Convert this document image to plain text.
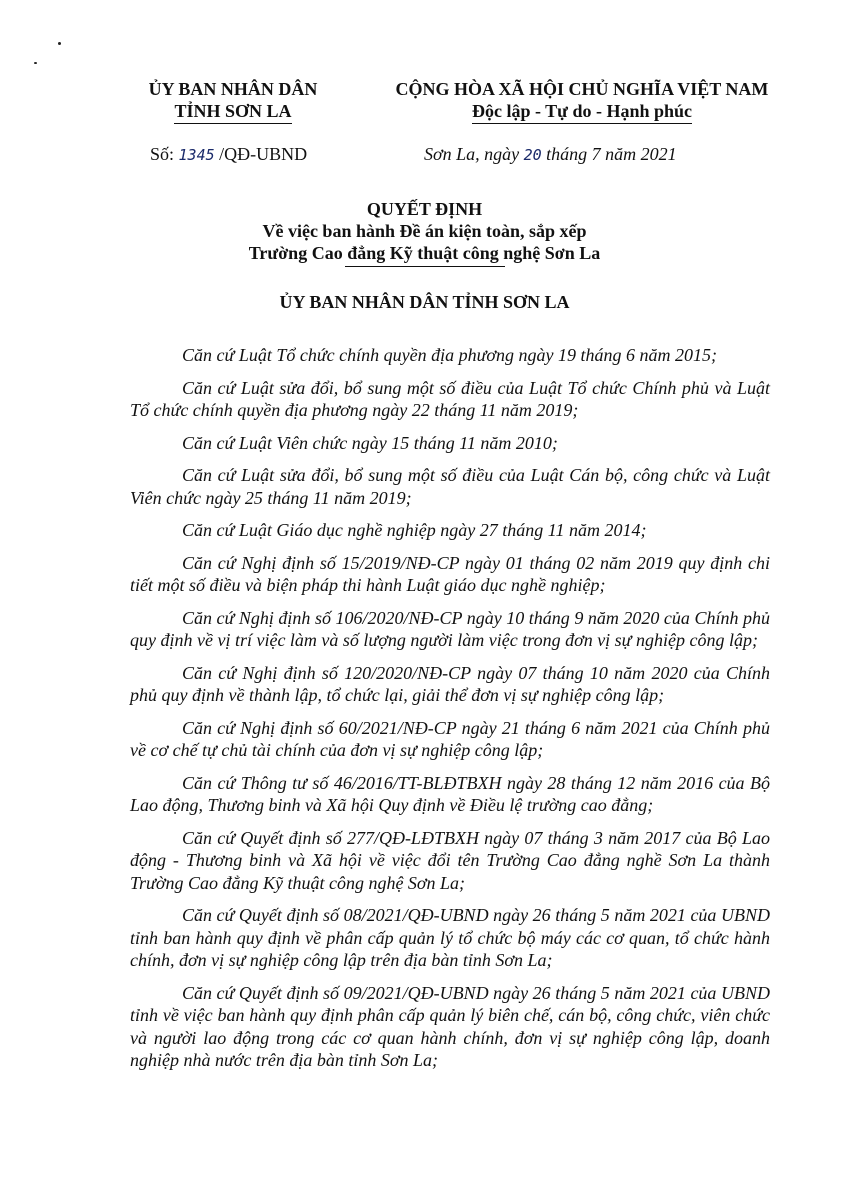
ỦY BAN NHÂN DÂN
TỈNH SƠN LA
CỘNG HÒA XÃ HỘI CHỦ NGHĨA VIỆT NAM
Độc lập - Tự do - Hạnh phúc
Số: 1345 /QĐ-UBND	Sơn La, ngày 20 tháng 7 năm 2021
QUYẾT ĐỊNH
Về việc ban hành Đề án kiện toàn, sắp xếp
Trường Cao đẳng Kỹ thuật công nghệ Sơn La
ỦY BAN NHÂN DÂN TỈNH SƠN LA

Căn cứ Luật Tổ chức chính quyền địa phương ngày 19 tháng 6 năm 2015;

Căn cứ Luật sửa đổi, bổ sung một số điều của Luật Tổ chức Chính phủ và Luật Tổ chức chính quyền địa phương ngày 22 tháng 11 năm 2019;

Căn cứ Luật Viên chức ngày 15 tháng 11 năm 2010;

Căn cứ Luật sửa đổi, bổ sung một số điều của Luật Cán bộ, công chức và Luật Viên chức ngày 25 tháng 11 năm 2019;

Căn cứ Luật Giáo dục nghề nghiệp ngày 27 tháng 11 năm 2014;

Căn cứ Nghị định số 15/2019/NĐ-CP ngày 01 tháng 02 năm 2019 quy định chi tiết một số điều và biện pháp thi hành Luật giáo dục nghề nghiệp;

Căn cứ Nghị định số 106/2020/NĐ-CP ngày 10 tháng 9 năm 2020 của Chính phủ quy định về vị trí việc làm và số lượng người làm việc trong đơn vị sự nghiệp công lập;

Căn cứ Nghị định số 120/2020/NĐ-CP ngày 07 tháng 10 năm 2020 của Chính phủ quy định về thành lập, tổ chức lại, giải thể đơn vị sự nghiệp công lập;

Căn cứ Nghị định số 60/2021/NĐ-CP ngày 21 tháng 6 năm 2021 của Chính phủ về cơ chế tự chủ tài chính của đơn vị sự nghiệp công lập;

Căn cứ Thông tư số 46/2016/TT-BLĐTBXH ngày 28 tháng 12 năm 2016 của Bộ Lao động, Thương binh và Xã hội Quy định về Điều lệ trường cao đẳng;

Căn cứ Quyết định số 277/QĐ-LĐTBXH ngày 07 tháng 3 năm 2017 của Bộ Lao động - Thương binh và Xã hội về việc đổi tên Trường Cao đẳng nghề Sơn La thành Trường Cao đẳng Kỹ thuật công nghệ Sơn La;

Căn cứ Quyết định số 08/2021/QĐ-UBND ngày 26 tháng 5 năm 2021 của UBND tỉnh ban hành quy định về phân cấp quản lý tổ chức bộ máy các cơ quan, tổ chức hành chính, đơn vị sự nghiệp công lập trên địa bàn tỉnh Sơn La;

Căn cứ Quyết định số 09/2021/QĐ-UBND ngày 26 tháng 5 năm 2021 của UBND tỉnh về việc ban hành quy định phân cấp quản lý biên chế, cán bộ, công chức, viên chức và người lao động trong các cơ quan hành chính, đơn vị sự nghiệp công lập, doanh nghiệp nhà nước trên địa bàn tỉnh Sơn La;
